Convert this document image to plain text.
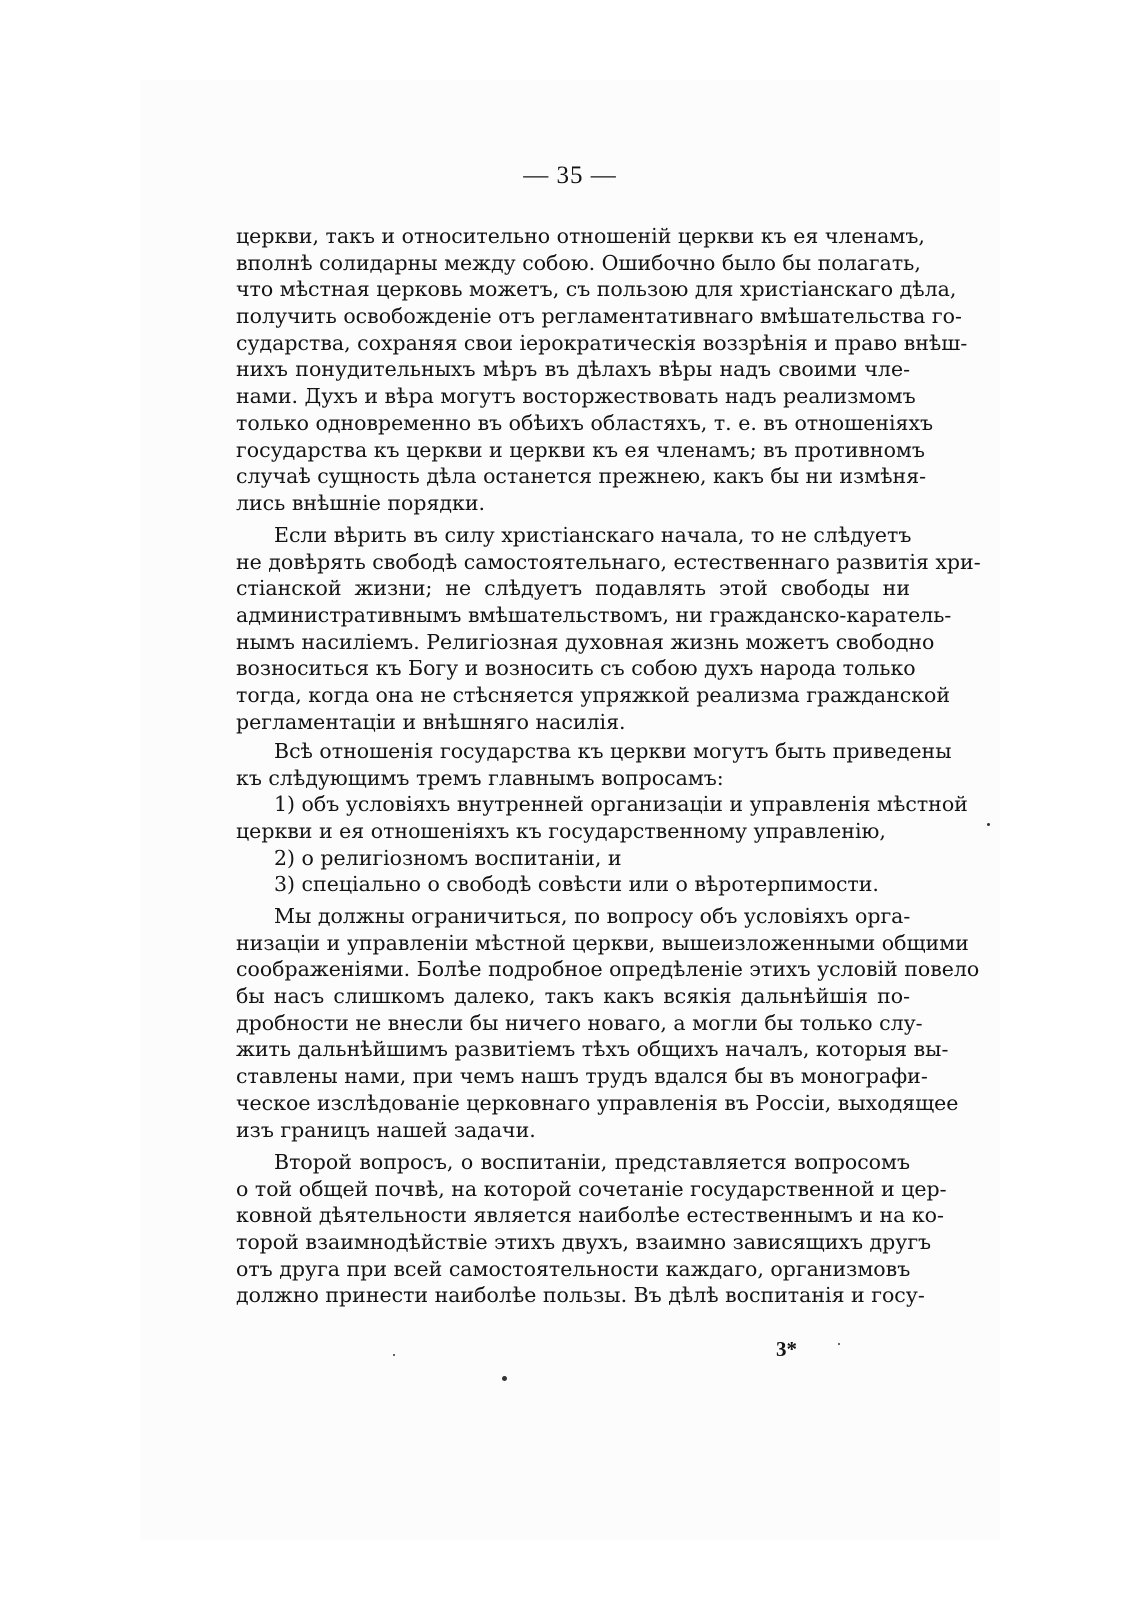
— 35 —
церкви, такъ и относительно отношеній церкви къ ея членамъ,
вполнѣ солидарны между собою. Ошибочно было бы полагать,
что мѣстная церковь можетъ, съ пользою для христіанскаго дѣла,
получить освобожденіе отъ регламентативнаго вмѣшательства го-
сударства, сохраняя свои іерократическія воззрѣнія и право внѣш-
нихъ понудительныхъ мѣръ въ дѣлахъ вѣры надъ своими чле-
нами. Духъ и вѣра могутъ восторжествовать надъ реализмомъ
только одновременно въ обѣихъ областяхъ, т. е. въ отношеніяхъ
государства къ церкви и церкви къ ея членамъ; въ противномъ
случаѣ сущность дѣла останется прежнею, какъ бы ни измѣня-
лись внѣшніе порядки.
Если вѣрить въ силу христіанскаго начала, то не слѣдуетъ
не довѣрять свободѣ самостоятельнаго, естественнаго развитія хри-
стіанской жизни; не слѣдуетъ подавлять этой свободы ни
административнымъ вмѣшательствомъ, ни гражданско-каратель-
нымъ насиліемъ. Религіозная духовная жизнь можетъ свободно
возноситься къ Богу и возносить съ собою духъ народа только
тогда, когда она не стѣсняется упряжкой реализма гражданской
регламентаціи и внѣшняго насилія.
Всѣ отношенія государства къ церкви могутъ быть приведены
къ слѣдующимъ тремъ главнымъ вопросамъ:
1) объ условіяхъ внутренней организаціи и управленія мѣстной
церкви и ея отношеніяхъ къ государственному управленію,
2) о религіозномъ воспитаніи, и
3) спеціально о свободѣ совѣсти или о вѣротерпимости.
Мы должны ограничиться, по вопросу объ условіяхъ орга-
низаціи и управленіи мѣстной церкви, вышеизложенными общими
соображеніями. Болѣе подробное опредѣленіе этихъ условій повело
бы насъ слишкомъ далеко, такъ какъ всякія дальнѣйшія по-
дробности не внесли бы ничего новаго, а могли бы только слу-
жить дальнѣйшимъ развитіемъ тѣхъ общихъ началъ, которыя вы-
ставлены нами, при чемъ нашъ трудъ вдался бы въ монографи-
ческое изслѣдованіе церковнаго управленія въ Россіи, выходящее
изъ границъ нашей задачи.
Второй вопросъ, о воспитаніи, представляется вопросомъ
о той общей почвѣ, на которой сочетаніе государственной и цер-
ковной дѣятельности является наиболѣе естественнымъ и на ко-
торой взаимнодѣйствіе этихъ двухъ, взаимно зависящихъ другъ
отъ друга при всей самостоятельности каждаго, организмовъ
должно принести наиболѣе пользы. Въ дѣлѣ воспитанія и госу-
3*
